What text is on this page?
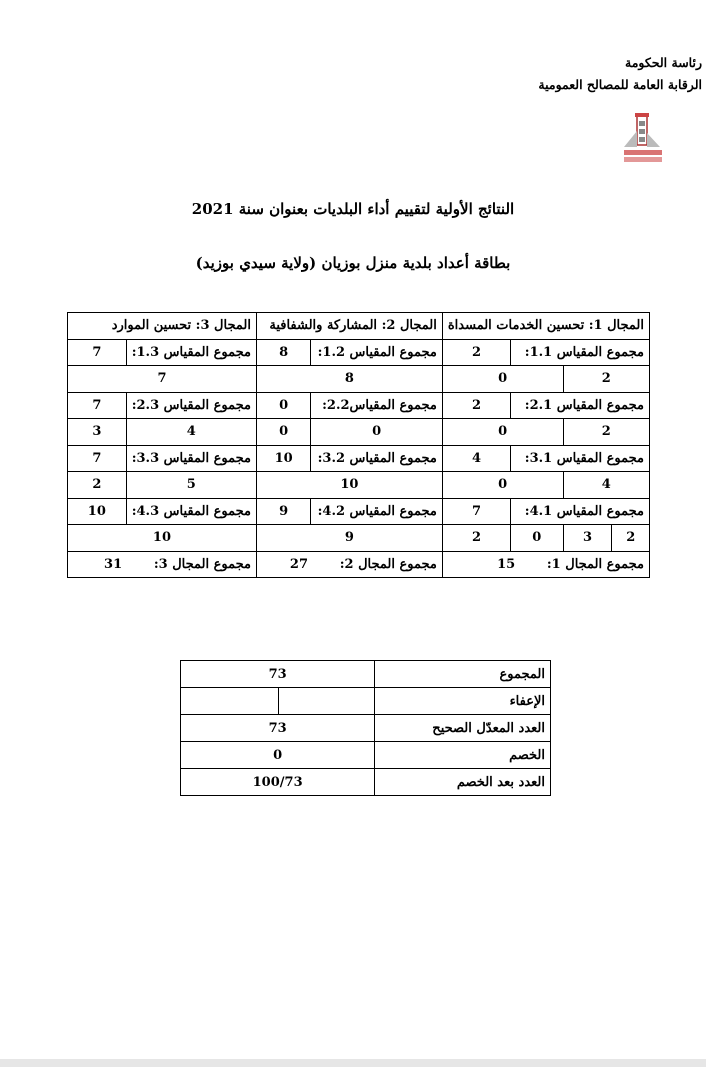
رئاسة الحكومة
الرقابة العامة للمصالح العمومية
النتائج الأولية لتقييم أداء البلديات بعنوان سنة 2021
بطاقة أعداد بلدية منزل بوزيان (ولاية سيدي بوزيد)
المجال 1: تحسين الخدمات المسداة				المجال 2: المشاركة والشفافية		المجال 3: تحسين الموارد	
مجموع المقياس 1.1:			2	مجموع المقياس 1.2:	8	مجموع المقياس 1.3:	7
2		0		8		7	
مجموع المقياس 2.1:			2	مجموع المقياس2.2:	0	مجموع المقياس 2.3:	7
2		0		0	0	4	3
مجموع المقياس 3.1:			4	مجموع المقياس 3.2:	10	مجموع المقياس 3.3:	7
4		0		10		5	2
مجموع المقياس 4.1:			7	مجموع المقياس 4.2:	9	مجموع المقياس 4.3:	10
2	3	0	2	9		10	
مجموع المجال 1:       15				مجموع المجال 2:       27		مجموع المجال 3:       31	
المجموع	73	
الإعفاء		
العدد المعدّل الصحيح	73	
الخصم	0	
العدد بعد الخصم	100/73	
